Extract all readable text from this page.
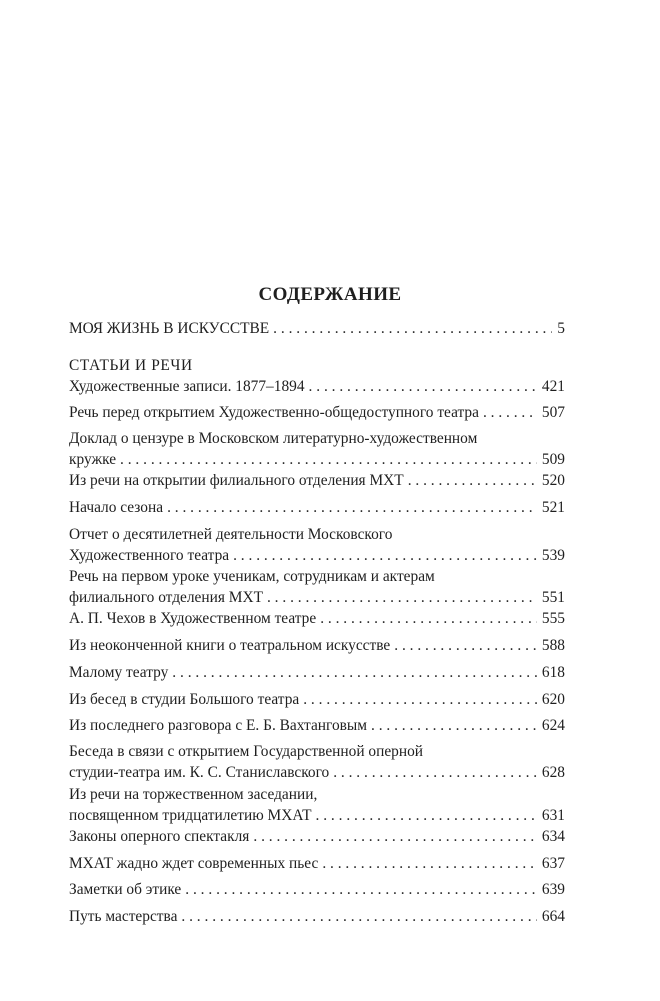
СОДЕРЖАНИЕ
МОЯ ЖИЗНЬ В ИСКУССТВЕ . . .	5
СТАТЬИ И РЕЧИ
Художественные записи. 1877–1894 . . .	421
Речь перед открытием Художественно-общедоступного театра . . .	507
Доклад о цензуре в Московском литературно-художественном
кружке . . .	509
Из речи на открытии филиального отделения МХТ . . .	520
Начало сезона . . .	521
Отчет о десятилетней деятельности Московского
Художественного театра . . .	539
Речь на первом уроке ученикам, сотрудникам и актерам
филиального отделения МХТ . . .	551
А. П. Чехов в Художественном театре . . .	555
Из неоконченной книги о театральном искусстве . . .	588
Малому театру . . .	618
Из бесед в студии Большого театра . . .	620
Из последнего разговора с Е. Б. Вахтанговым . . .	624
Беседа в связи с открытием Государственной оперной
студии-театра им. К. С. Станиславского . . .	628
Из речи на торжественном заседании,
посвященном тридцатилетию МХАТ . . .	631
Законы оперного спектакля . . .	634
МХАТ жадно ждет современных пьес . . .	637
Заметки об этике . . .	639
Путь мастерства . . .	664
